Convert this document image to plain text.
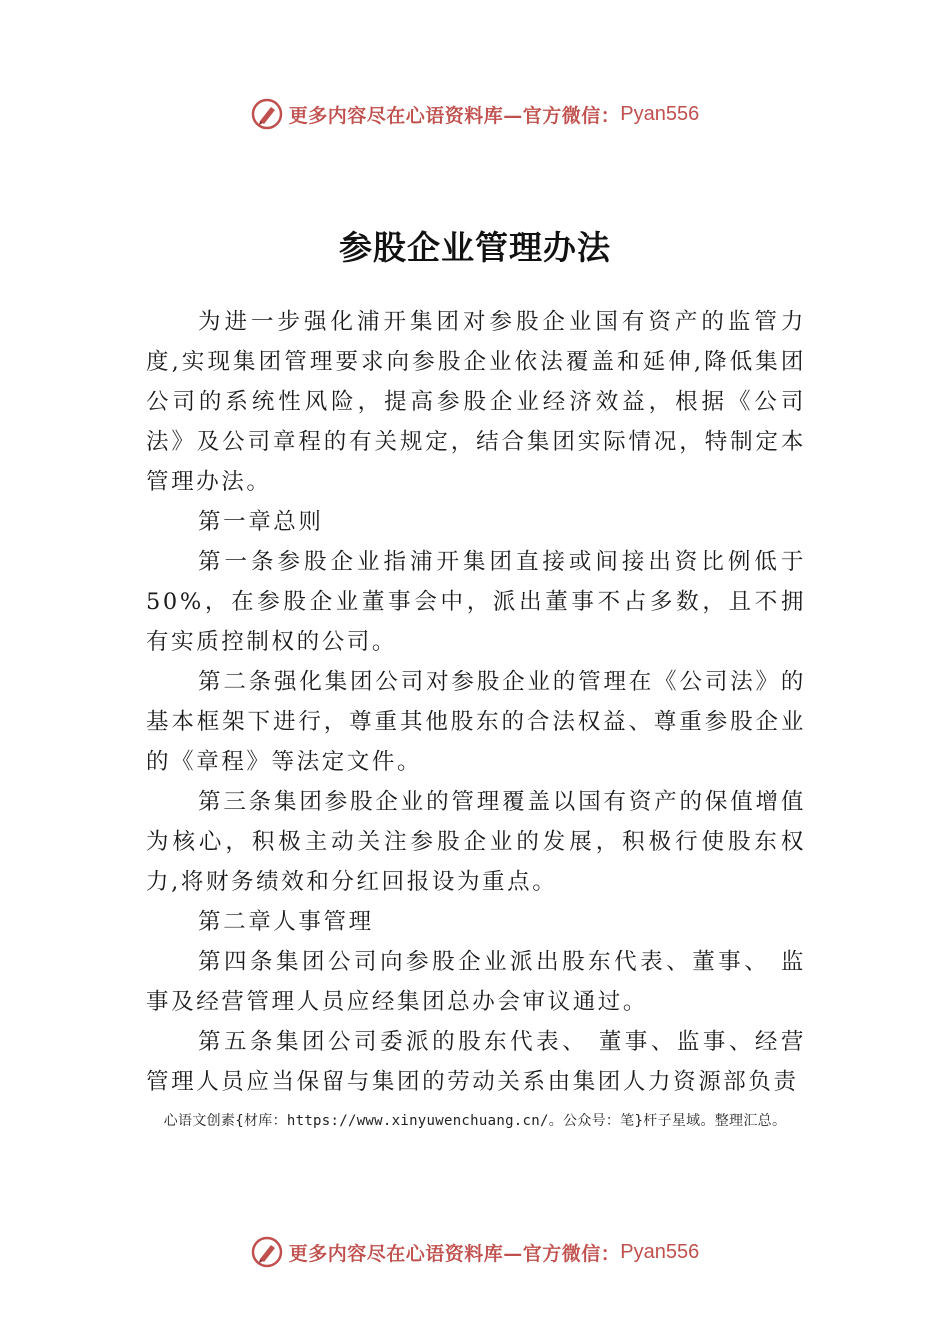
更多内容尽在心语资料库—官方微信： Pyan556
参股企业管理办法

为进一步强化浦开集团对参股企业国有资产的监管力度,实现集团管理要求向参股企业依法覆盖和延伸,降低集团公司的系统性风险，提高参股企业经济效益，根据《公司法》及公司章程的有关规定，结合集团实际情况，特制定本管理办法。

第一章总则

第一条参股企业指浦开集团直接或间接出资比例低于50%，在参股企业董事会中，派出董事不占多数，且不拥有实质控制权的公司。

第二条强化集团公司对参股企业的管理在《公司法》的基本框架下进行，尊重其他股东的合法权益、尊重参股企业的《章程》等法定文件。

第三条集团参股企业的管理覆盖以国有资产的保值增值为核心，积极主动关注参股企业的发展，积极行使股东权力,将财务绩效和分红回报设为重点。

第二章人事管理

第四条集团公司向参股企业派出股东代表、董事、 监事及经营管理人员应经集团总办会审议通过。

第五条集团公司委派的股东代表、 董事、监事、经营管理人员应当保留与集团的劳动关系由集团人力资源部负责

心语文创素{材库：https://www.xinyuwenchuang.cn/。公众号：笔}杆子星域。整理汇总。
更多内容尽在心语资料库—官方微信： Pyan556
